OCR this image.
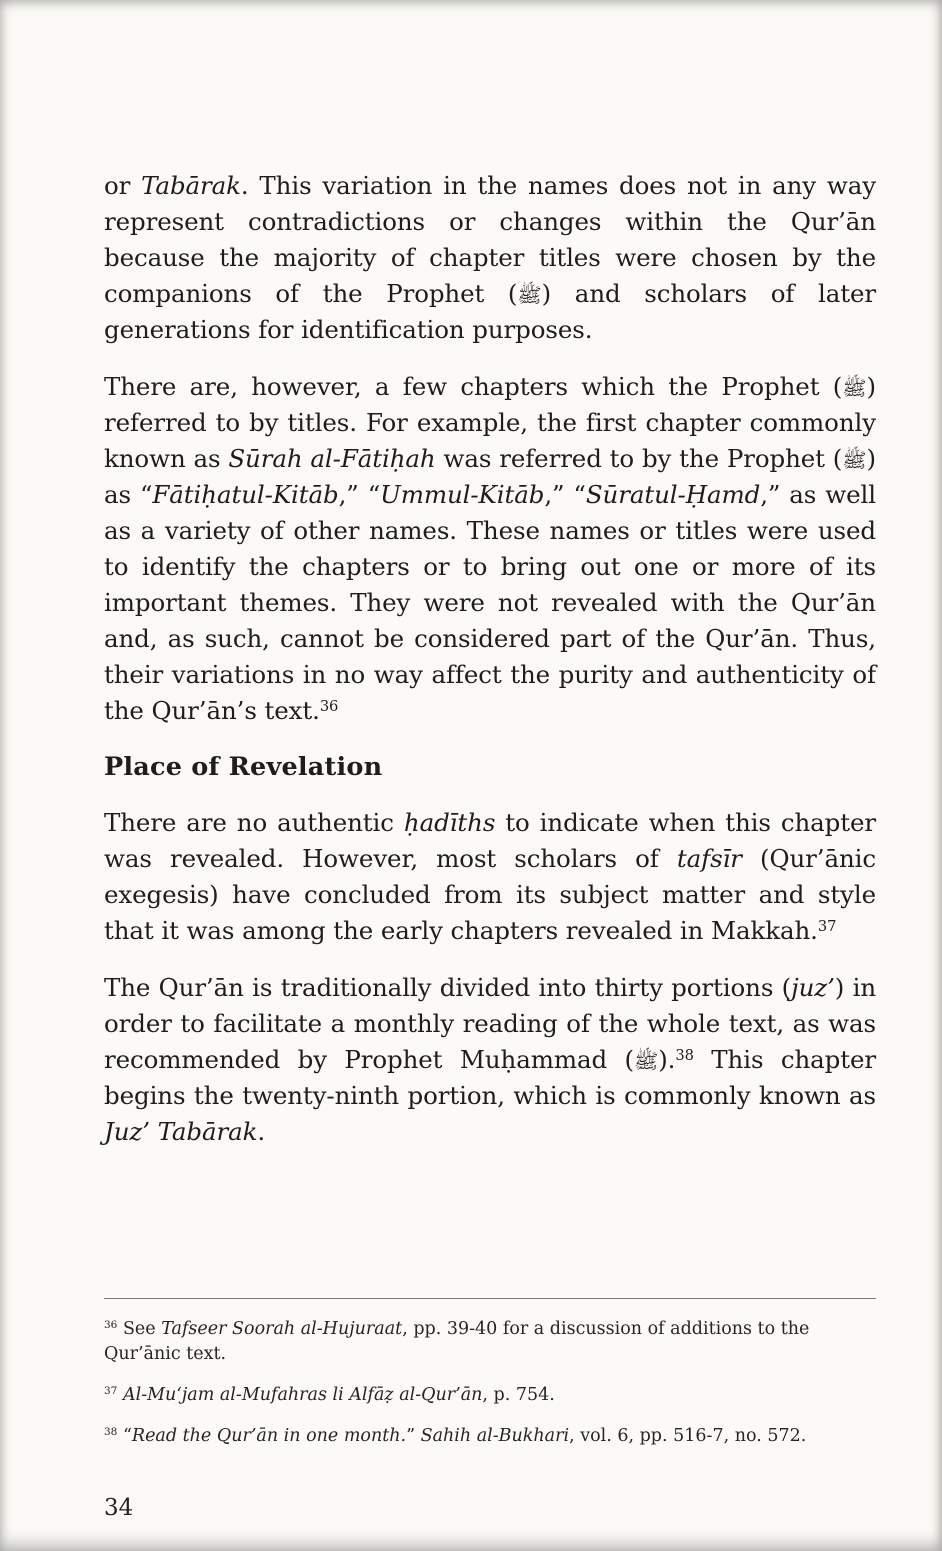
or Tabārak. This variation in the names does not in any way represent contradictions or changes within the Qur’ān because the majority of chapter titles were chosen by the companions of the Prophet (ﷺ) and scholars of later generations for identification purposes.

There are, however, a few chapters which the Prophet (ﷺ) referred to by titles. For example, the first chapter commonly known as Sūrah al-Fātiḥah was referred to by the Prophet (ﷺ) as “Fātiḥatul-Kitāb,” “Ummul-Kitāb,” “Sūratul-Ḥamd,” as well as a variety of other names. These names or titles were used to identify the chapters or to bring out one or more of its important themes. They were not revealed with the Qur’ān and, as such, cannot be considered part of the Qur’ān. Thus, their variations in no way affect the purity and authenticity of the Qur’ān’s text.$^{36}$

Place of Revelation

There are no authentic ḥadīths to indicate when this chapter was revealed. However, most scholars of tafsīr (Qur’ānic exegesis) have concluded from its subject matter and style that it was among the early chapters revealed in Makkah.$^{37}$

The Qur’ān is traditionally divided into thirty portions (juz’) in order to facilitate a monthly reading of the whole text, as was recommended by Prophet Muḥammad (ﷺ).$^{38}$ This chapter begins the twenty-ninth portion, which is commonly known as Juz’ Tabārak.

$^{36}$ See Tafseer Soorah al-Hujuraat, pp. 39-40 for a discussion of additions to the Qur’ānic text.

$^{37}$ Al-Mu‘jam al-Mufahras li Alfāẓ al-Qur’ān, p. 754.

$^{38}$ “Read the Qur’ān in one month.” Sahih al-Bukhari, vol. 6, pp. 516-7, no. 572.

34
